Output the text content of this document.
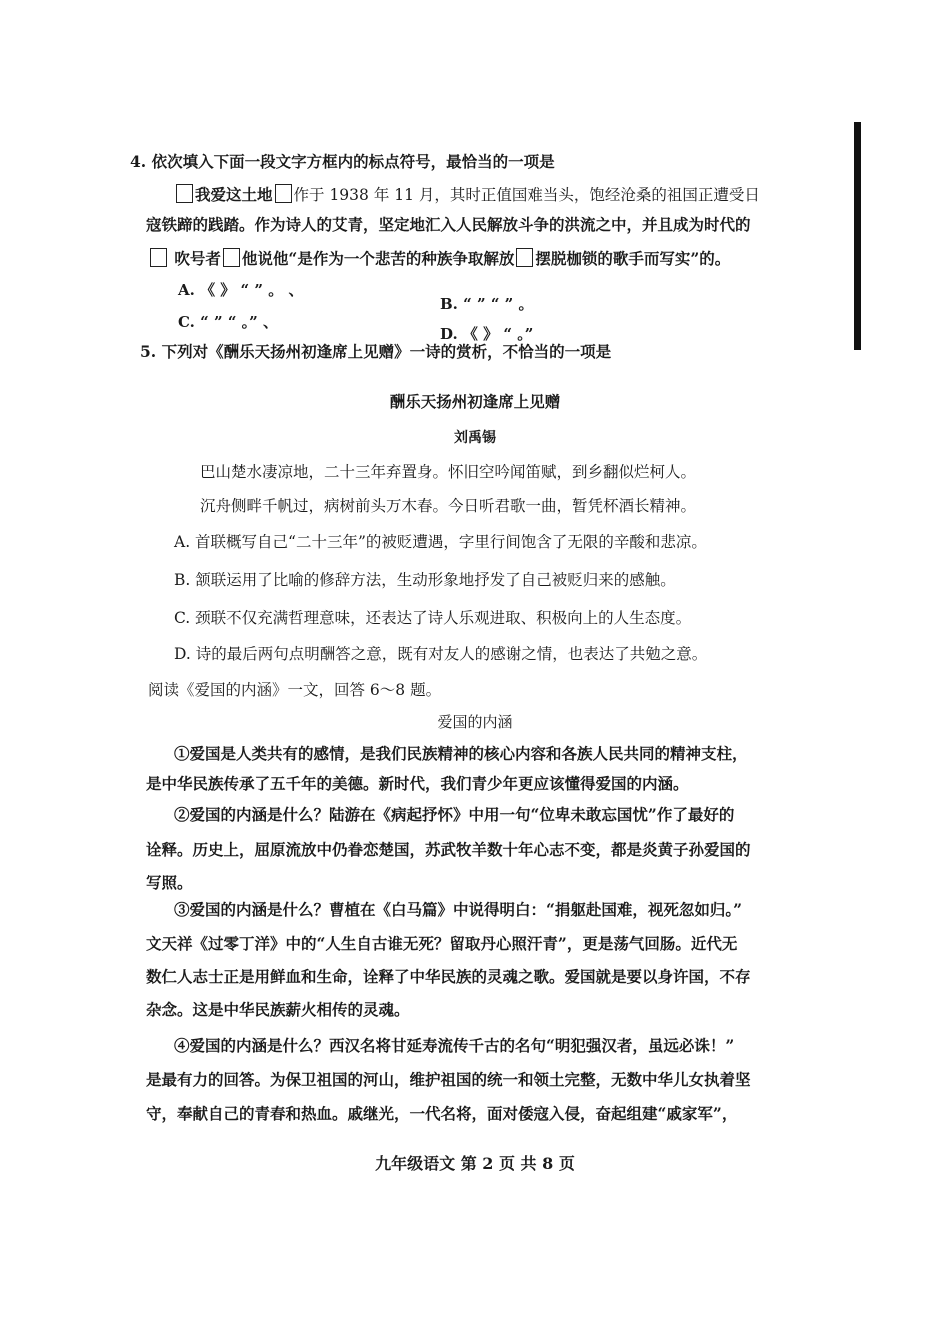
4. 依次填入下面一段文字方框内的标点符号，最恰当的一项是
我爱这土地 作于 1938 年 11 月，其时正值国难当头，饱经沧桑的祖国正遭受日
寇铁蹄的践踏。作为诗人的艾青，坚定地汇入人民解放斗争的洪流之中，并且成为时代的
吹号者 他说他“是作为一个悲苦的种族争取解放 摆脱枷锁的歌手而写实”的。
A. 《 》 “ ” 。 、
B. “ ” “ ” 。
C. “ ” “ 。” 、
D. 《 》 “ 。”
5. 下列对《酬乐天扬州初逢席上见赠》一诗的赏析，不恰当的一项是
酬乐天扬州初逢席上见赠
刘禹锡
巴山楚水凄凉地，二十三年弃置身。怀旧空吟闻笛赋，到乡翻似烂柯人。
沉舟侧畔千帆过，病树前头万木春。今日听君歌一曲，暂凭杯酒长精神。
A. 首联概写自己“二十三年”的被贬遭遇，字里行间饱含了无限的辛酸和悲凉。
B. 颔联运用了比喻的修辞方法，生动形象地抒发了自己被贬归来的感触。
C. 颈联不仅充满哲理意味，还表达了诗人乐观进取、积极向上的人生态度。
D. 诗的最后两句点明酬答之意，既有对友人的感谢之情，也表达了共勉之意。
阅读《爱国的内涵》一文，回答 6～8 题。
爱国的内涵
①爱国是人类共有的感情，是我们民族精神的核心内容和各族人民共同的精神支柱，
是中华民族传承了五千年的美德。新时代，我们青少年更应该懂得爱国的内涵。
②爱国的内涵是什么？陆游在《病起抒怀》中用一句“位卑未敢忘国忧”作了最好的
诠释。历史上，屈原流放中仍眷恋楚国，苏武牧羊数十年心志不变，都是炎黄子孙爱国的
写照。
③爱国的内涵是什么？曹植在《白马篇》中说得明白：“捐躯赴国难，视死忽如归。”
文天祥《过零丁洋》中的“人生自古谁无死？留取丹心照汗青”，更是荡气回肠。近代无
数仁人志士正是用鲜血和生命，诠释了中华民族的灵魂之歌。爱国就是要以身许国，不存
杂念。这是中华民族薪火相传的灵魂。
④爱国的内涵是什么？西汉名将甘延寿流传千古的名句“明犯强汉者，虽远必诛！”
是最有力的回答。为保卫祖国的河山，维护祖国的统一和领土完整，无数中华儿女执着坚
守，奉献自己的青春和热血。戚继光，一代名将，面对倭寇入侵，奋起组建“戚家军”，
九年级语文 第 2 页 共 8 页
